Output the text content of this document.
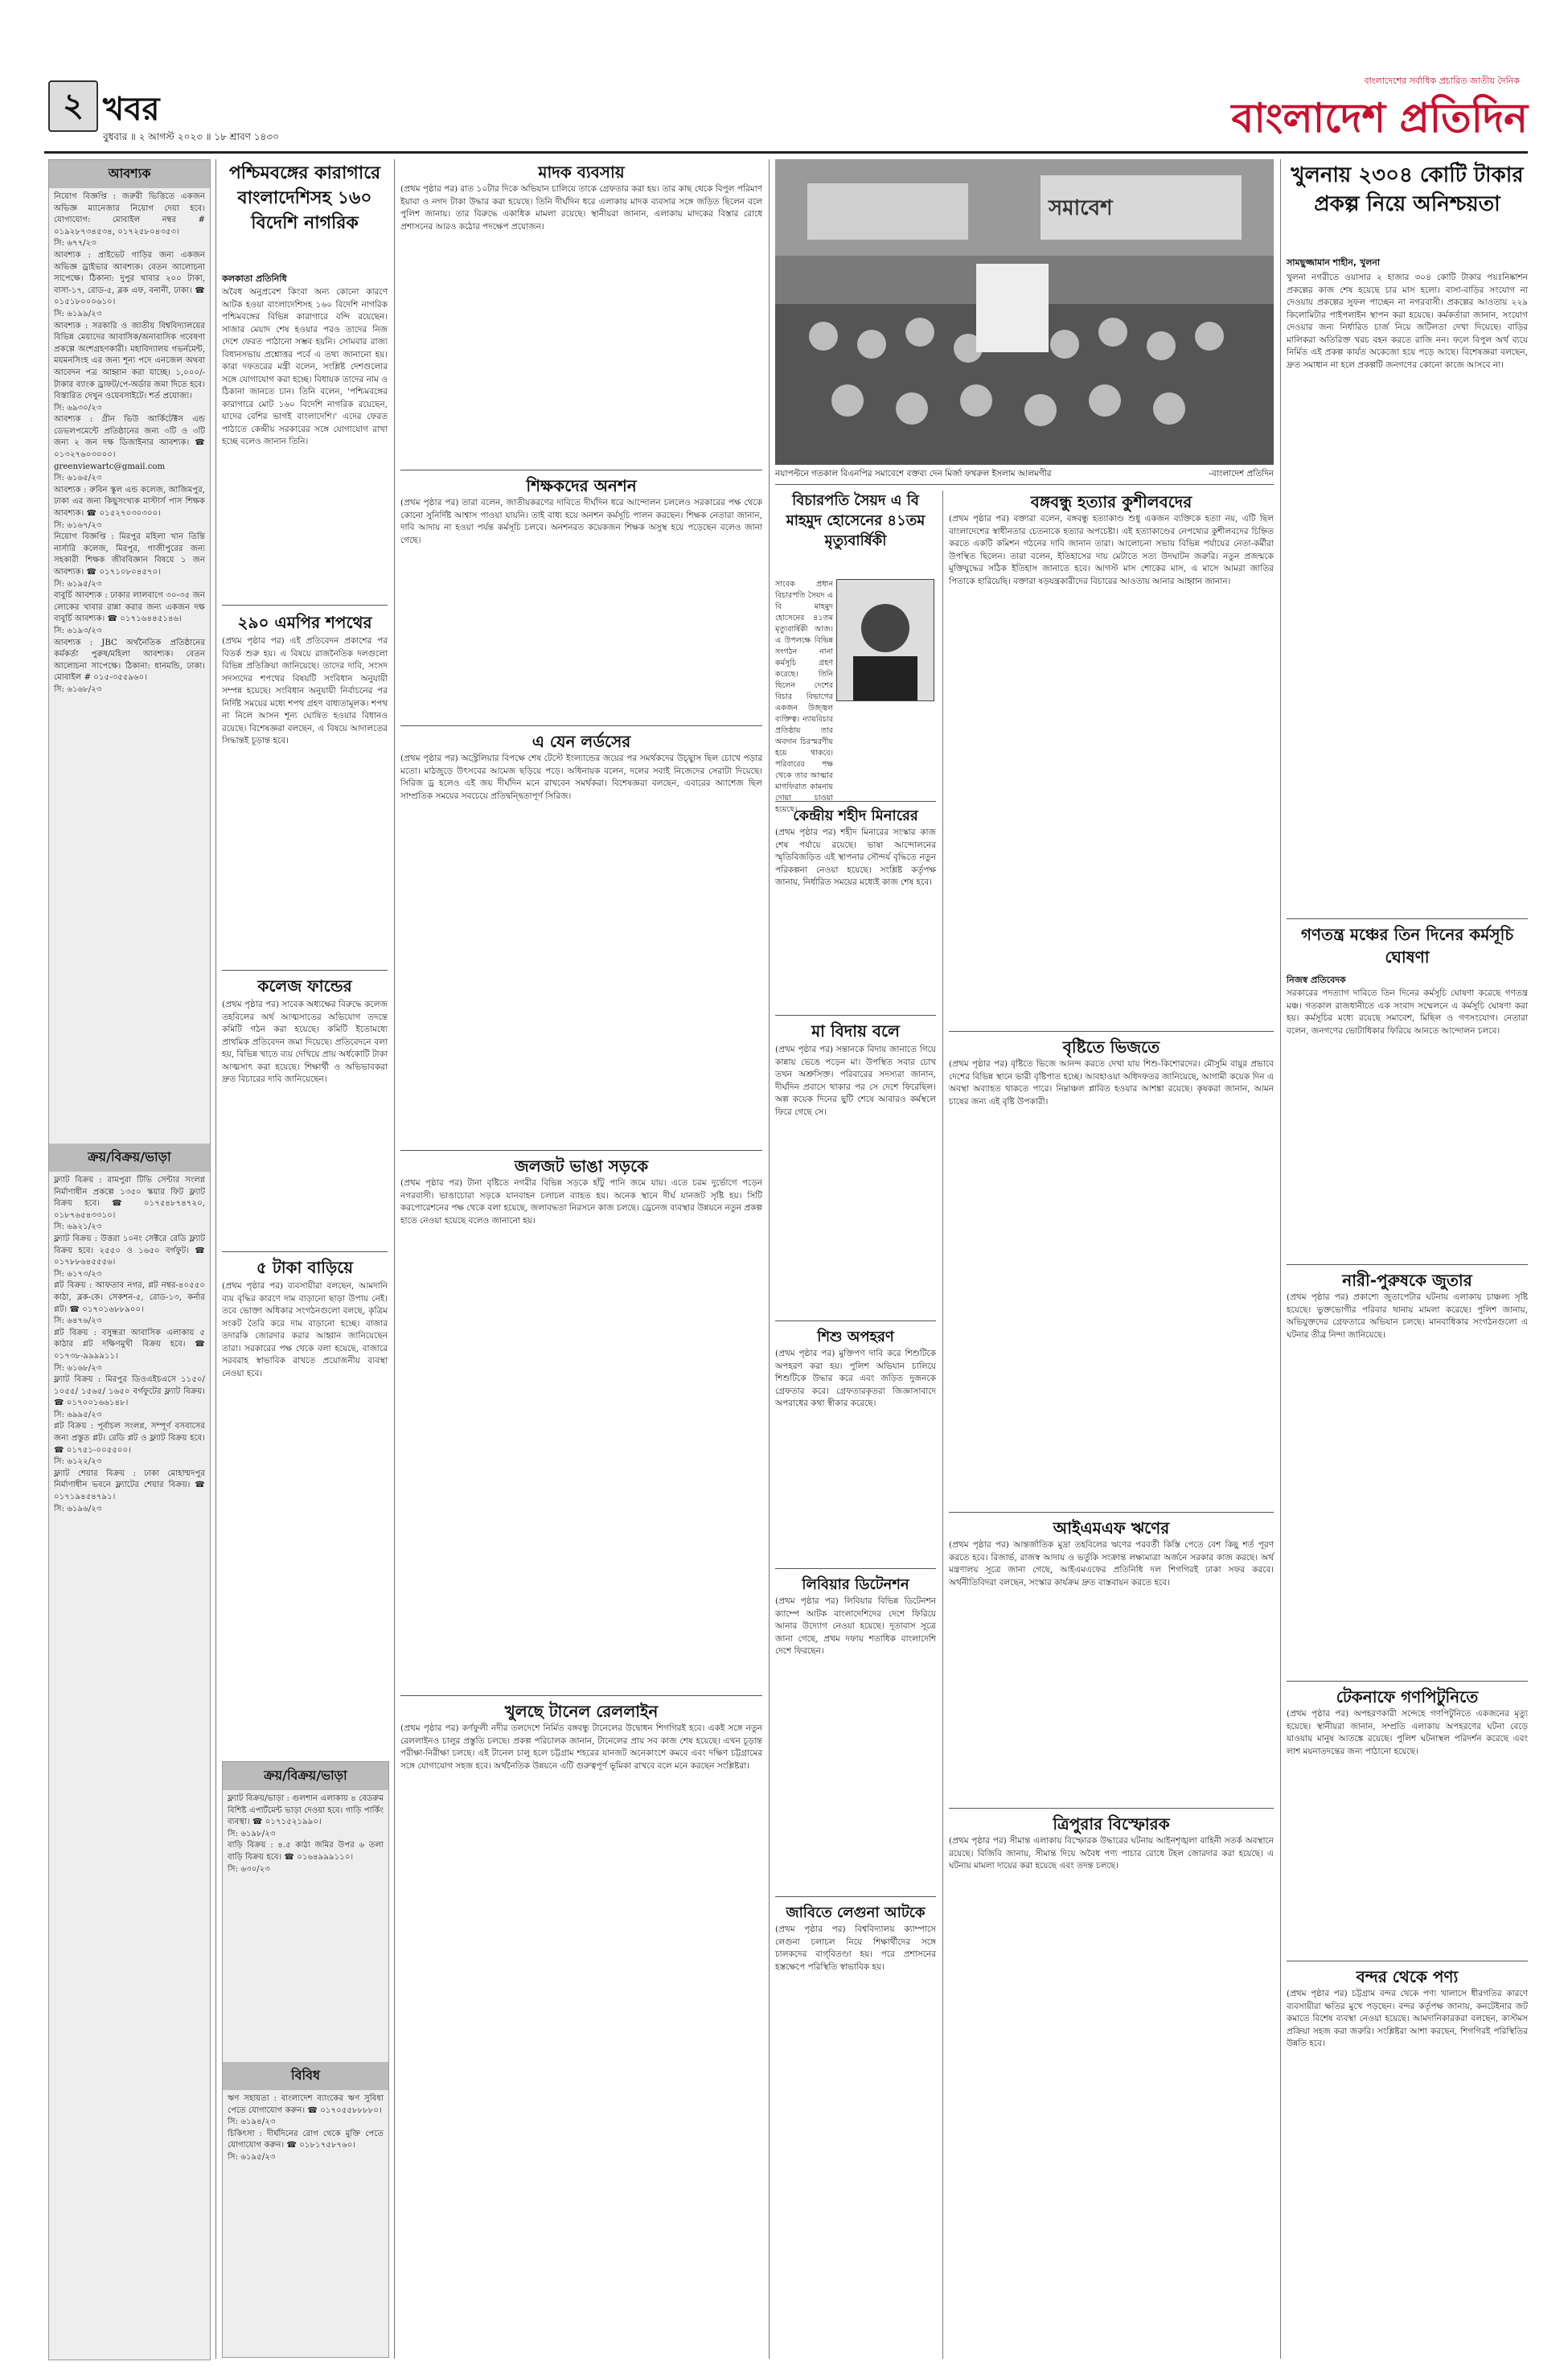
২ খবর
বুধবার ॥ ২ আগস্ট ২০২৩ ॥ ১৮ শ্রাবণ ১৪৩০
বাংলাদেশের সর্বাধিক প্রচারিত জাতীয় দৈনিক
বাংলাদেশ প্রতিদিন
আবশ্যক
নিয়োগ বিজ্ঞপ্তি : জরুরী ভিত্তিতে একজন অভিজ্ঞ ম্যানেজার নিয়োগ দেয়া হবে। যোগাযোগ: মোবাইল নম্বর # ০১৯২৮৭৩৪৫৩৪, ০১৭২৫৮০৪৩৫৩।
সি: ৬৭৭/২৩
আবশ্যক : প্রাইভেট গাড়ির জন্য একজন অভিজ্ঞ ড্রাইভার আবশ্যক। বেতন আলোচনা সাপেক্ষে। ঠিকানা: দুপুর খাবার ২০০ টাকা, বাসা-১৭, রোড-৫, ব্লক এফ, বনানী, ঢাকা। ☎ ০১৫১৮০০০৬১০।
সি: ৬১৯৯/২৩
আবশ্যক : সরকারি ও জাতীয় বিশ্ববিদ্যালয়ের বিভিন্ন মেয়াদের আবাসিক/অনাবাসিক গবেষণা প্রকল্পে অংশগ্রহণকারী। মহাবিদ্যালয় গভর্নমেন্ট, ময়মনসিংহ এর জন্য শূন্য পদে এনজেল অথবা আবেদন পত্র আহ্বান করা যাচ্ছে। ১,০০০/- টাকার ব্যাংক ড্রাফট/পে-অর্ডার জমা দিতে হবে। বিস্তারিত দেখুন ওয়েবসাইটে। শর্ত প্রযোজ্য।
সি: ৬৯৩০/২৩
আবশ্যক : গ্রীন ভিউ আর্কিটেক্টস এন্ড ডেভলপমেন্টে প্রতিষ্ঠানের জন্য ৩টি ও ৩টি জন্য ২ জন দক্ষ ডিজাইনার আবশ্যক। ☎ ০১৩২৭৬০৩০০০। greenviewartc@gmail.com
সি: ৬১৬৫/২৩
আবশ্যক : রুবিন স্কুল এন্ড কলেজ, আজিমপুর, ঢাকা এর জন্য কিছুসংখ্যক মাস্টার্স পাস শিক্ষক আবশ্যক। ☎ ০১৫২৭০৩০৩০০।
সি: ৬১৬৭/২৩
নিয়োগ বিজ্ঞপ্তি : মিরপুর মহিলা খান তিন্তি নার্সারি কলেজ, মিরপুর, গাজীপুরের জন্য সহকারী শিক্ষক জীববিজ্ঞান বিষয়ে ১ জন আবশ্যক। ☎ ০১৭১০৮০৪৫৭০।
সি: ৬১৯৫/২৩
বাবুর্চি আবশ্যক : ঢাকার লালবাগে ৩০-৩৫ জন লোকের খাবার রান্না করার জন্য একজন দক্ষ বাবুর্চি আবশ্যক। ☎ ০১৭১৬৪৪৫১৪৬।
সি: ৬১৯৩/২৩
আবশ্যক : JBC অর্থনৈতিক প্রতিষ্ঠানের কর্মকর্তা পুরুষ/মহিলা আবশ্যক। বেতন আলোচনা সাপেক্ষে। ঠিকানা: ধানমন্ডি, ঢাকা। মোবাইল # ০১৫-৩৫৫৯৬০।
সি: ৬১৬৮/২৩
ক্রয়/বিক্রয়/ভাড়া
ফ্ল্যাট বিক্রয় : রামপুরা টিভি সেন্টার সংলগ্ন নির্মাণাধীন প্রকল্পে ১৩৫০ স্কয়ার ফিট ফ্ল্যাট বিক্রয় হবে। ☎ ০১৭৫৪৮৭৪৭২০, ০১৮৭৬৫৪৩৩১০।
সি: ৬৯২১/২৩
ফ্ল্যাট বিক্রয় : উত্তরা ১০নং সেক্টরে রেডি ফ্ল্যাট বিক্রয় হবে। ২৫৫০ ও ১৬৫০ বর্গফুট। ☎ ০১৭৮৮৬৪৫৫৫৬।
সি: ৬১৭৩/২৩
প্লট বিক্রয় : আফতাব নগর, প্লট নম্বর-৪০৫৫০ কাঠা, ব্লক-কে। সেকশন-৫, রোড-১৩, কর্নার প্লট। ☎ ০১৭০১৬৮৮৯০০।
সি: ৬৪৭৬/২৩
প্লট বিক্রয় : বসুন্ধরা আবাসিক এলাকায় ৫ কাঠার প্লট দক্ষিণমুখী বিক্রয় হবে। ☎ ০১৭৩৮-৯৯৯৯১১।
সি: ৬১৬৮/২৩
ফ্ল্যাট বিক্রয় : মিরপুর ডিওএইচএসে ১১৫০/ ১০৫৫/ ১৫৬৫/ ১৬৫০ বর্গফুটের ফ্ল্যাট বিক্রয়। ☎ ০১৭০০১৬৬১৪৮।
সি: ৬৯৯৫/২৩
প্লট বিক্রয় : পূর্বাচল সংলগ্ন, সম্পূর্ণ বসবাসের জন্য প্রস্তুত প্লট। রেডি প্লট ও ফ্ল্যাট বিক্রয় হবে। ☎ ০১৭৫১-০০৫৫০০।
সি: ৬১২২/২৩
ফ্ল্যাট শেয়ার বিক্রয় : ঢাকা মোহাম্মদপুর নির্মাণাধীন ভবনে ফ্ল্যাটের শেয়ার বিক্রয়। ☎ ০১৭১৯৪৫৪৭৯১।
সি: ৬১৯৬/২৩
ক্রয়/বিক্রয়/ভাড়া
ফ্ল্যাট বিক্রয়/ভাড়া : গুলশান এলাকায় ৪ বেডরুম বিশিষ্ট এপার্টমেন্ট ভাড়া দেওয়া হবে। গাড়ি পার্কিং ব্যবস্থা। ☎ ০১৭১৫২১৯৯০।
সি: ৬১৯৮/২৩
বাড়ি বিক্রয় : ৪.৫ কাঠা জমির উপর ৬ তলা বাড়ি বিক্রয় হবে। ☎ ০১৬৪৯৯৯১১০।
সি: ৬৩০/২৩
বিবিধ
ঋণ সহায়তা : বাংলাদেশ ব্যাংকের ঋণ সুবিধা পেতে যোগাযোগ করুন। ☎ ০১৭০৫৫৮৮৮৮০।
সি: ৬১৯৪/২৩
চিকিৎসা : দীর্ঘদিনের রোগ থেকে মুক্তি পেতে যোগাযোগ করুন। ☎ ০১৮১৭৫৮৭৬০।
সি: ৬১৯৫/২৩
পশ্চিমবঙ্গের কারাগারে বাংলাদেশিসহ ১৬০ বিদেশি নাগরিক
কলকাতা প্রতিনিধি
অবৈধ অনুপ্রবেশ কিংবা অন্য কোনো কারণে আটক হওয়া বাংলাদেশিসহ ১৬০ বিদেশি নাগরিক পশ্চিমবঙ্গের বিভিন্ন কারাগারে বন্দি রয়েছেন। সাজার মেয়াদ শেষ হওয়ার পরও তাদের নিজ দেশে ফেরত পাঠানো সম্ভব হয়নি। সোমবার রাজ্য বিধানসভায় প্রশ্নোত্তর পর্বে এ তথ্য জানানো হয়। কারা দফতরের মন্ত্রী বলেন, সংশ্লিষ্ট দেশগুলোর সঙ্গে যোগাযোগ করা হচ্ছে। বিধায়ক তাদের নাম ও ঠিকানা জানতে চান। তিনি বলেন, 'পশ্চিমবঙ্গের কারাগারে মোট ১৬০ বিদেশি নাগরিক রয়েছেন, যাদের বেশির ভাগই বাংলাদেশি।' এদের ফেরত পাঠাতে কেন্দ্রীয় সরকারের সঙ্গে যোগাযোগ রাখা হচ্ছে বলেও জানান তিনি।
২৯০ এমপির শপথের
(প্রথম পৃষ্ঠার পর) এই প্রতিবেদন প্রকাশের পর বিতর্ক শুরু হয়। এ বিষয়ে রাজনৈতিক দলগুলো বিভিন্ন প্রতিক্রিয়া জানিয়েছে। তাদের দাবি, সংসদ সদস্যদের শপথের বিষয়টি সংবিধান অনুযায়ী সম্পন্ন হয়েছে। সংবিধান অনুযায়ী নির্বাচনের পর নির্দিষ্ট সময়ের মধ্যে শপথ গ্রহণ বাধ্যতামূলক। শপথ না নিলে আসন শূন্য ঘোষিত হওয়ার বিধানও রয়েছে। বিশেষজ্ঞরা বলছেন, এ বিষয়ে আদালতের সিদ্ধান্তই চূড়ান্ত হবে।
কলেজ ফান্ডের
(প্রথম পৃষ্ঠার পর) সাবেক অধ্যক্ষের বিরুদ্ধে কলেজ তহবিলের অর্থ আত্মসাতের অভিযোগ তদন্তে কমিটি গঠন করা হয়েছে। কমিটি ইতোমধ্যে প্রাথমিক প্রতিবেদন জমা দিয়েছে। প্রতিবেদনে বলা হয়, বিভিন্ন খাতে ব্যয় দেখিয়ে প্রায় অর্ধকোটি টাকা আত্মসাৎ করা হয়েছে। শিক্ষার্থী ও অভিভাবকরা দ্রুত বিচারের দাবি জানিয়েছেন।
৫ টাকা বাড়িয়ে
(প্রথম পৃষ্ঠার পর) ব্যবসায়ীরা বলছেন, আমদানি ব্যয় বৃদ্ধির কারণে দাম বাড়ানো ছাড়া উপায় নেই। তবে ভোক্তা অধিকার সংগঠনগুলো বলছে, কৃত্রিম সংকট তৈরি করে দাম বাড়ানো হচ্ছে। বাজার তদারকি জোরদার করার আহ্বান জানিয়েছেন তারা। সরকারের পক্ষ থেকে বলা হয়েছে, বাজারে সরবরাহ স্বাভাবিক রাখতে প্রয়োজনীয় ব্যবস্থা নেওয়া হবে।
মাদক ব্যবসায়
(প্রথম পৃষ্ঠার পর) রাত ১০টার দিকে অভিযান চালিয়ে তাকে গ্রেফতার করা হয়। তার কাছ থেকে বিপুল পরিমাণ ইয়াবা ও নগদ টাকা উদ্ধার করা হয়েছে। তিনি দীর্ঘদিন ধরে এলাকায় মাদক ব্যবসার সঙ্গে জড়িত ছিলেন বলে পুলিশ জানায়। তার বিরুদ্ধে একাধিক মামলা রয়েছে। স্থানীয়রা জানান, এলাকায় মাদকের বিস্তার রোধে প্রশাসনের আরও কঠোর পদক্ষেপ প্রয়োজন।
শিক্ষকদের অনশন
(প্রথম পৃষ্ঠার পর) তারা বলেন, জাতীয়করণের দাবিতে দীর্ঘদিন ধরে আন্দোলন চললেও সরকারের পক্ষ থেকে কোনো সুনির্দিষ্ট আশ্বাস পাওয়া যায়নি। তাই বাধ্য হয়ে অনশন কর্মসূচি পালন করছেন। শিক্ষক নেতারা জানান, দাবি আদায় না হওয়া পর্যন্ত কর্মসূচি চলবে। অনশনরত কয়েকজন শিক্ষক অসুস্থ হয়ে পড়েছেন বলেও জানা গেছে।
এ যেন লর্ডসের
(প্রথম পৃষ্ঠার পর) অস্ট্রেলিয়ার বিপক্ষে শেষ টেস্টে ইংল্যান্ডের জয়ের পর সমর্থকদের উচ্ছ্বাস ছিল চোখে পড়ার মতো। মাঠজুড়ে উৎসবের আমেজ ছড়িয়ে পড়ে। অধিনায়ক বলেন, দলের সবাই নিজেদের সেরাটা দিয়েছে। সিরিজ ড্র হলেও এই জয় দীর্ঘদিন মনে রাখবেন সমর্থকরা। বিশেষজ্ঞরা বলছেন, এবারের অ্যাশেজ ছিল সাম্প্রতিক সময়ের সবচেয়ে প্রতিদ্বন্দ্বিতাপূর্ণ সিরিজ।
জলজট ভাঙা সড়কে
(প্রথম পৃষ্ঠার পর) টানা বৃষ্টিতে নগরীর বিভিন্ন সড়কে হাঁটু পানি জমে যায়। এতে চরম দুর্ভোগে পড়েন নগরবাসী। ভাঙাচোরা সড়কে যানবাহন চলাচল ব্যাহত হয়। অনেক স্থানে দীর্ঘ যানজট সৃষ্টি হয়। সিটি করপোরেশনের পক্ষ থেকে বলা হয়েছে, জলাবদ্ধতা নিরসনে কাজ চলছে। ড্রেনেজ ব্যবস্থার উন্নয়নে নতুন প্রকল্প হাতে নেওয়া হয়েছে বলেও জানানো হয়।
খুলছে টানেল রেললাইন
(প্রথম পৃষ্ঠার পর) কর্ণফুলী নদীর তলদেশে নির্মিত বঙ্গবন্ধু টানেলের উদ্বোধন শিগগিরই হবে। একই সঙ্গে নতুন রেললাইনও চালুর প্রস্তুতি চলছে। প্রকল্প পরিচালক জানান, টানেলের প্রায় সব কাজ শেষ হয়েছে। এখন চূড়ান্ত পরীক্ষা-নিরীক্ষা চলছে। এই টানেল চালু হলে চট্টগ্রাম শহরের যানজট অনেকাংশে কমবে এবং দক্ষিণ চট্টগ্রামের সঙ্গে যোগাযোগ সহজ হবে। অর্থনৈতিক উন্নয়নে এটি গুরুত্বপূর্ণ ভূমিকা রাখবে বলে মনে করছেন সংশ্লিষ্টরা।
সমাবেশ
নয়াপল্টনে গতকাল বিএনপির সমাবেশে বক্তব্য দেন মির্জা ফখরুল ইসলাম আলমগীর	-বাংলাদেশ প্রতিদিন
বিচারপতি সৈয়দ এ বি মাহমুদ হোসেনের ৪১তম মৃত্যুবার্ষিকী
সাবেক প্রধান বিচারপতি সৈয়দ এ বি মাহমুদ হোসেনের ৪১তম মৃত্যুবার্ষিকী আজ। এ উপলক্ষে বিভিন্ন সংগঠন নানা কর্মসূচি গ্রহণ করেছে। তিনি ছিলেন দেশের বিচার বিভাগের একজন উজ্জ্বল ব্যক্তিত্ব। ন্যায়বিচার প্রতিষ্ঠায় তার অবদান চিরস্মরণীয় হয়ে থাকবে। পরিবারের পক্ষ থেকে তার আত্মার মাগফিরাত কামনায় দোয়া চাওয়া হয়েছে।
কেন্দ্রীয় শহীদ মিনারের
(প্রথম পৃষ্ঠার পর) শহীদ মিনারের সংস্কার কাজ শেষ পর্যায়ে রয়েছে। ভাষা আন্দোলনের স্মৃতিবিজড়িত এই স্থাপনার সৌন্দর্য বৃদ্ধিতে নতুন পরিকল্পনা নেওয়া হয়েছে। সংশ্লিষ্ট কর্তৃপক্ষ জানায়, নির্ধারিত সময়ের মধ্যেই কাজ শেষ হবে।
মা বিদায় বলে
(প্রথম পৃষ্ঠার পর) সন্তানকে বিদায় জানাতে গিয়ে কান্নায় ভেঙে পড়েন মা। উপস্থিত সবার চোখ তখন অশ্রুসিক্ত। পরিবারের সদস্যরা জানান, দীর্ঘদিন প্রবাসে থাকার পর সে দেশে ফিরেছিল। অল্প কয়েক দিনের ছুটি শেষে আবারও কর্মস্থলে ফিরে গেছে সে।
শিশু অপহরণ
(প্রথম পৃষ্ঠার পর) মুক্তিপণ দাবি করে শিশুটিকে অপহরণ করা হয়। পুলিশ অভিযান চালিয়ে শিশুটিকে উদ্ধার করে এবং জড়িত দুজনকে গ্রেফতার করে। গ্রেফতারকৃতরা জিজ্ঞাসাবাদে অপরাধের কথা স্বীকার করেছে।
লিবিয়ার ডিটেনশন
(প্রথম পৃষ্ঠার পর) লিবিয়ার বিভিন্ন ডিটেনশন ক্যাম্পে আটক বাংলাদেশিদের দেশে ফিরিয়ে আনার উদ্যোগ নেওয়া হয়েছে। দূতাবাস সূত্রে জানা গেছে, প্রথম দফায় শতাধিক বাংলাদেশি দেশে ফিরছেন।
জাবিতে লেগুনা আটকে
(প্রথম পৃষ্ঠার পর) বিশ্ববিদ্যালয় ক্যাম্পাসে লেগুনা চলাচল নিয়ে শিক্ষার্থীদের সঙ্গে চালকদের বাগ্‌বিতণ্ডা হয়। পরে প্রশাসনের হস্তক্ষেপে পরিস্থিতি স্বাভাবিক হয়।
বঙ্গবন্ধু হত্যার কুশীলবদের
(প্রথম পৃষ্ঠার পর) বক্তারা বলেন, বঙ্গবন্ধু হত্যাকাণ্ড শুধু একজন ব্যক্তিকে হত্যা নয়, এটি ছিল বাংলাদেশের স্বাধীনতার চেতনাকে হত্যার অপচেষ্টা। এই হত্যাকাণ্ডের নেপথ্যের কুশীলবদের চিহ্নিত করতে একটি কমিশন গঠনের দাবি জানান তারা। আলোচনা সভায় বিভিন্ন পর্যায়ের নেতা-কর্মীরা উপস্থিত ছিলেন। তারা বলেন, ইতিহাসের দায় মেটাতে সত্য উদঘাটন জরুরি। নতুন প্রজন্মকে মুক্তিযুদ্ধের সঠিক ইতিহাস জানাতে হবে। আগস্ট মাস শোকের মাস, এ মাসে আমরা জাতির পিতাকে হারিয়েছি। বক্তারা ষড়যন্ত্রকারীদের বিচারের আওতায় আনার আহ্বান জানান।
বৃষ্টিতে ভিজতে
(প্রথম পৃষ্ঠার পর) বৃষ্টিতে ভিজে আনন্দ করতে দেখা যায় শিশু-কিশোরদের। মৌসুমি বায়ুর প্রভাবে দেশের বিভিন্ন স্থানে ভারী বৃষ্টিপাত হচ্ছে। আবহাওয়া অধিদফতর জানিয়েছে, আগামী কয়েক দিন এ অবস্থা অব্যাহত থাকতে পারে। নিম্নাঞ্চল প্লাবিত হওয়ার আশঙ্কা রয়েছে। কৃষকরা জানান, আমন চাষের জন্য এই বৃষ্টি উপকারী।
আইএমএফ ঋণের
(প্রথম পৃষ্ঠার পর) আন্তর্জাতিক মুদ্রা তহবিলের ঋণের পরবর্তী কিস্তি পেতে বেশ কিছু শর্ত পূরণ করতে হবে। রিজার্ভ, রাজস্ব আদায় ও ভর্তুকি সংক্রান্ত লক্ষ্যমাত্রা অর্জনে সরকার কাজ করছে। অর্থ মন্ত্রণালয় সূত্রে জানা গেছে, আইএমএফের প্রতিনিধি দল শিগগিরই ঢাকা সফর করবে। অর্থনীতিবিদরা বলছেন, সংস্কার কার্যক্রম দ্রুত বাস্তবায়ন করতে হবে।
ত্রিপুরার বিস্ফোরক
(প্রথম পৃষ্ঠার পর) সীমান্ত এলাকায় বিস্ফোরক উদ্ধারের ঘটনায় আইনশৃঙ্খলা বাহিনী সতর্ক অবস্থানে রয়েছে। বিজিবি জানায়, সীমান্ত দিয়ে অবৈধ পণ্য পাচার রোধে টহল জোরদার করা হয়েছে। এ ঘটনায় মামলা দায়ের করা হয়েছে এবং তদন্ত চলছে।
খুলনায় ২৩০৪ কোটি টাকার প্রকল্প নিয়ে অনিশ্চয়তা
সামছুজ্জামান শাহীন, খুলনা
খুলনা নগরীতে ওয়াসার ২ হাজার ৩০৪ কোটি টাকার পয়ঃনিষ্কাশন প্রকল্পের কাজ শেষ হয়েছে চার মাস হলো। বাসা-বাড়ির সংযোগ না দেওয়ায় প্রকল্পের সুফল পাচ্ছেন না নগরবাসী। প্রকল্পের আওতায় ২২৯ কিলোমিটার পাইপলাইন স্থাপন করা হয়েছে। কর্মকর্তারা জানান, সংযোগ দেওয়ার জন্য নির্ধারিত চার্জ নিয়ে জটিলতা দেখা দিয়েছে। বাড়ির মালিকরা অতিরিক্ত খরচ বহন করতে রাজি নন। ফলে বিপুল অর্থ ব্যয়ে নির্মিত এই প্রকল্প কার্যত অকেজো হয়ে পড়ে আছে। বিশেষজ্ঞরা বলছেন, দ্রুত সমাধান না হলে প্রকল্পটি জনগণের কোনো কাজে আসবে না।
গণতন্ত্র মঞ্চের তিন দিনের কর্মসূচি ঘোষণা
নিজস্ব প্রতিবেদক
সরকারের পদত্যাগ দাবিতে তিন দিনের কর্মসূচি ঘোষণা করেছে গণতন্ত্র মঞ্চ। গতকাল রাজধানীতে এক সংবাদ সম্মেলনে এ কর্মসূচি ঘোষণা করা হয়। কর্মসূচির মধ্যে রয়েছে সমাবেশ, মিছিল ও গণসংযোগ। নেতারা বলেন, জনগণের ভোটাধিকার ফিরিয়ে আনতে আন্দোলন চলবে।
নারী-পুরুষকে জুতার
(প্রথম পৃষ্ঠার পর) প্রকাশ্যে জুতাপেটার ঘটনায় এলাকায় চাঞ্চল্য সৃষ্টি হয়েছে। ভুক্তভোগীর পরিবার থানায় মামলা করেছে। পুলিশ জানায়, অভিযুক্তদের গ্রেফতারে অভিযান চলছে। মানবাধিকার সংগঠনগুলো এ ঘটনার তীব্র নিন্দা জানিয়েছে।
টেকনাফে গণপিটুনিতে
(প্রথম পৃষ্ঠার পর) অপহরণকারী সন্দেহে গণপিটুনিতে একজনের মৃত্যু হয়েছে। স্থানীয়রা জানান, সম্প্রতি এলাকায় অপহরণের ঘটনা বেড়ে যাওয়ায় মানুষ আতঙ্কে রয়েছে। পুলিশ ঘটনাস্থল পরিদর্শন করেছে এবং লাশ ময়নাতদন্তের জন্য পাঠানো হয়েছে।
বন্দর থেকে পণ্য
(প্রথম পৃষ্ঠার পর) চট্টগ্রাম বন্দর থেকে পণ্য খালাসে ধীরগতির কারণে ব্যবসায়ীরা ক্ষতির মুখে পড়ছেন। বন্দর কর্তৃপক্ষ জানায়, কনটেইনার জট কমাতে বিশেষ ব্যবস্থা নেওয়া হয়েছে। আমদানিকারকরা বলছেন, কাস্টমস প্রক্রিয়া সহজ করা জরুরি। সংশ্লিষ্টরা আশা করছেন, শিগগিরই পরিস্থিতির উন্নতি হবে।
